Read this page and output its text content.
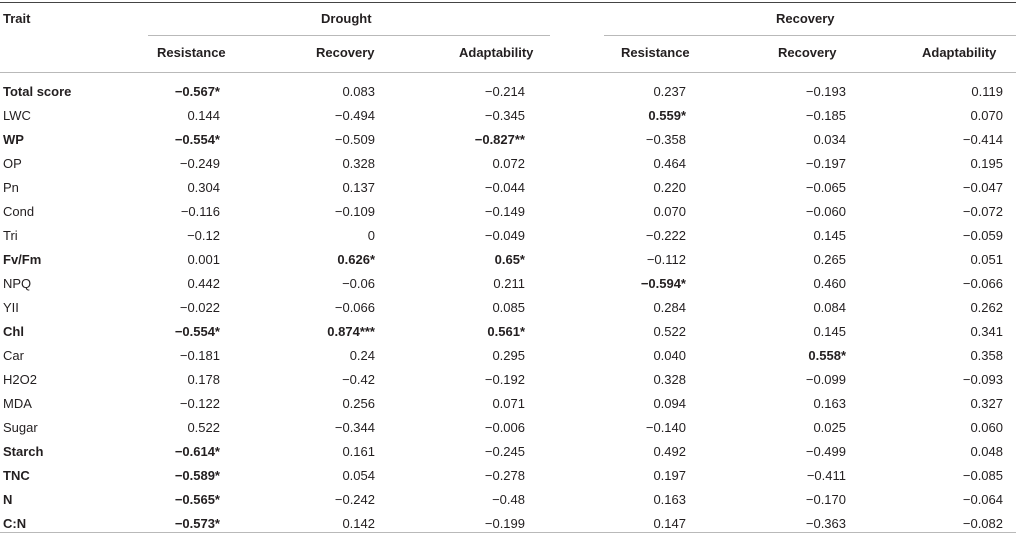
Trait	Drought	Recovery
Resistance	Recovery	Adaptability	Resistance	Recovery	Adaptability
Total score	−0.567*	0.083	−0.214	0.237	−0.193	0.119
LWC	0.144	−0.494	−0.345	0.559*	−0.185	0.070
WP	−0.554*	−0.509	−0.827**	−0.358	0.034	−0.414
OP	−0.249	0.328	0.072	0.464	−0.197	0.195
Pn	0.304	0.137	−0.044	0.220	−0.065	−0.047
Cond	−0.116	−0.109	−0.149	0.070	−0.060	−0.072
Tri	−0.12	0	−0.049	−0.222	0.145	−0.059
Fv/Fm	0.001	0.626*	0.65*	−0.112	0.265	0.051
NPQ	0.442	−0.06	0.211	−0.594*	0.460	−0.066
YII	−0.022	−0.066	0.085	0.284	0.084	0.262
Chl	−0.554*	0.874***	0.561*	0.522	0.145	0.341
Car	−0.181	0.24	0.295	0.040	0.558*	0.358
H2O2	0.178	−0.42	−0.192	0.328	−0.099	−0.093
MDA	−0.122	0.256	0.071	0.094	0.163	0.327
Sugar	0.522	−0.344	−0.006	−0.140	0.025	0.060
Starch	−0.614*	0.161	−0.245	0.492	−0.499	0.048
TNC	−0.589*	0.054	−0.278	0.197	−0.411	−0.085
N	−0.565*	−0.242	−0.48	0.163	−0.170	−0.064
C:N	−0.573*	0.142	−0.199	0.147	−0.363	−0.082
